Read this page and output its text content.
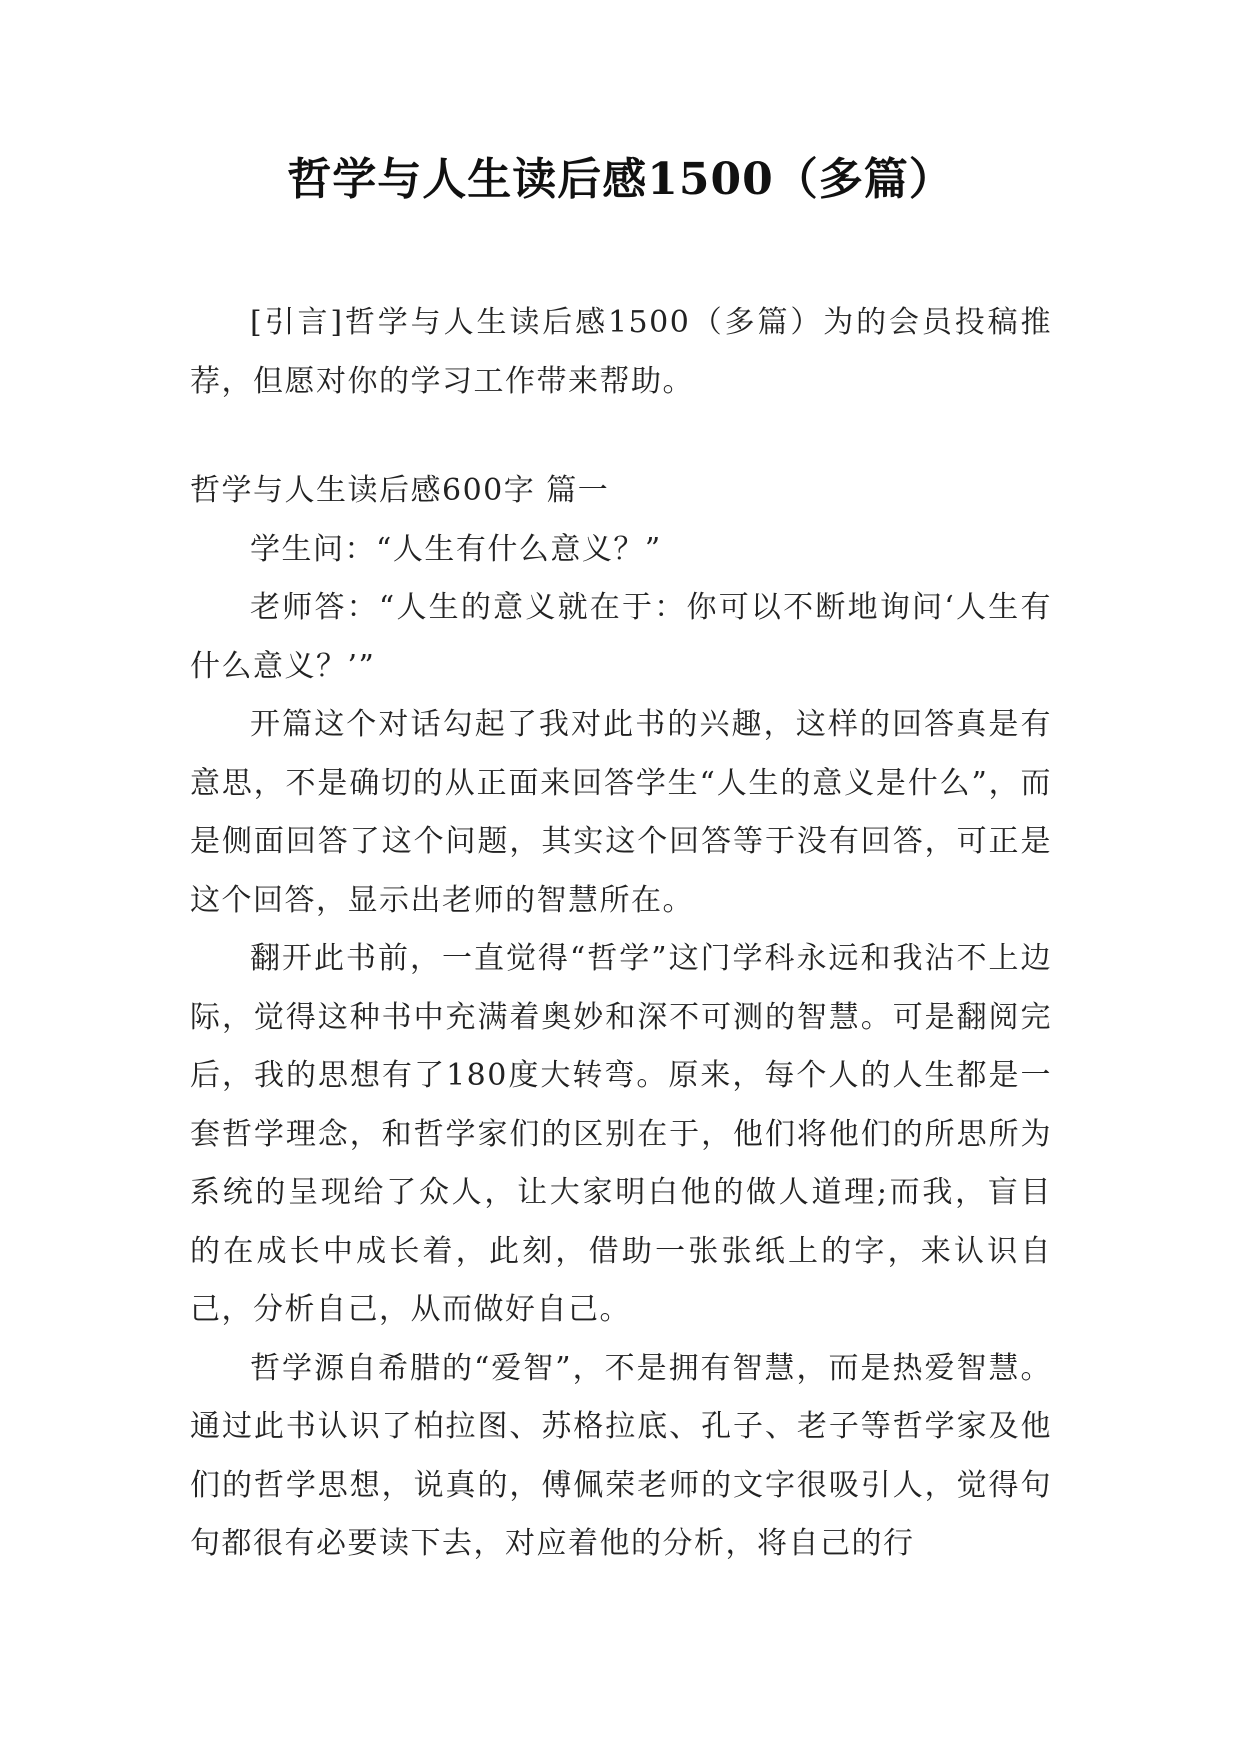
哲学与人生读后感1500（多篇）

[引言]哲学与人生读后感1500（多篇）为的会员投稿推荐，但愿对你的学习工作带来帮助。

哲学与人生读后感600字 篇一

学生问：“人生有什么意义？”

老师答：“人生的意义就在于：你可以不断地询问‘人生有什么意义？’”

开篇这个对话勾起了我对此书的兴趣，这样的回答真是有意思，不是确切的从正面来回答学生“人生的意义是什么”，而是侧面回答了这个问题，其实这个回答等于没有回答，可正是这个回答，显示出老师的智慧所在。

翻开此书前，一直觉得“哲学”这门学科永远和我沾不上边际，觉得这种书中充满着奥妙和深不可测的智慧。可是翻阅完后，我的思想有了180度大转弯。原来，每个人的人生都是一套哲学理念，和哲学家们的区别在于，他们将他们的所思所为系统的呈现给了众人，让大家明白他的做人道理;而我，盲目的在成长中成长着，此刻，借助一张张纸上的字，来认识自己，分析自己，从而做好自己。

哲学源自希腊的“爱智”，不是拥有智慧，而是热爱智慧。通过此书认识了柏拉图、苏格拉底、孔子、老子等哲学家及他们的哲学思想，说真的，傅佩荣老师的文字很吸引人，觉得句句都很有必要读下去，对应着他的分析，将自己的行
